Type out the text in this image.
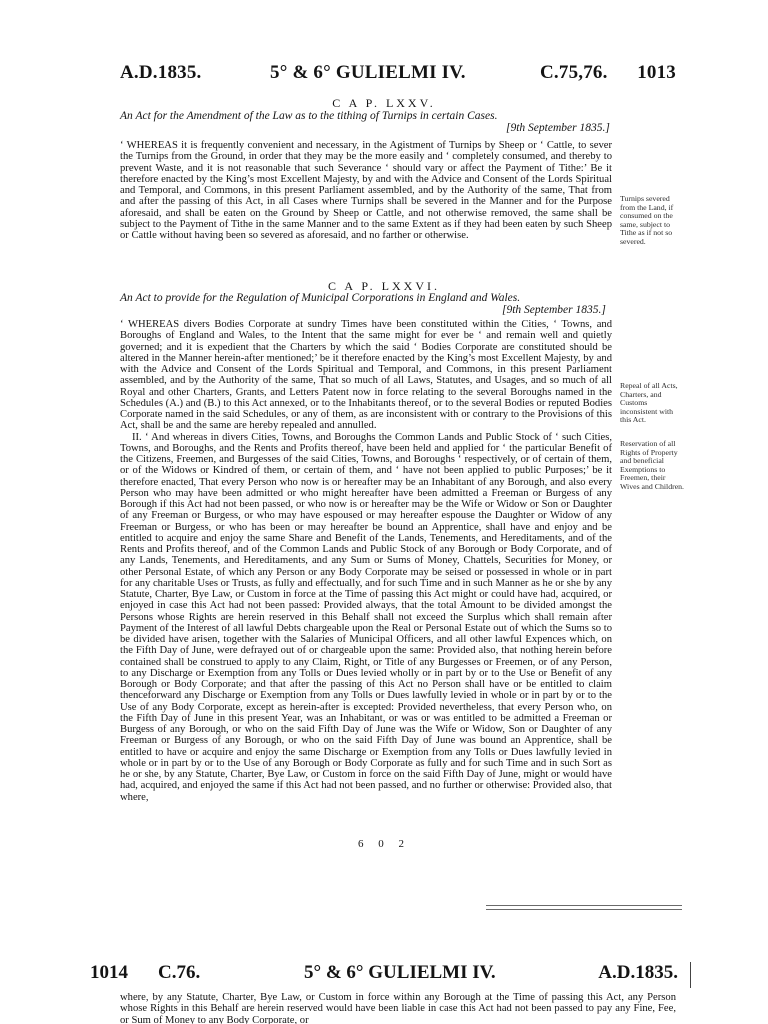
A.D.1835.	5° & 6° GULIELMI IV.	C.75,76. 1013
C A P. LXXV.
An Act for the Amendment of the Law as to the tithing of Turnips in certain Cases.
[9th September 1835.]

‘ WHEREAS it is frequently convenient and necessary, in the Agistment of Turnips by Sheep or ‘ Cattle, to sever the Turnips from the Ground, in order that they may be the more easily and ‘ completely consumed, and thereby to prevent Waste, and it is not reasonable that such Severance ‘ should vary or affect the Payment of Tithe:’ Be it therefore enacted by the King’s most Excellent Majesty, by and with the Advice and Consent of the Lords Spiritual and Temporal, and Commons, in this present Parliament assembled, and by the Authority of the same, That from and after the passing of this Act, in all Cases where Turnips shall be severed in the Manner and for the Purpose aforesaid, and shall be eaten on the Ground by Sheep or Cattle, and not otherwise removed, the same shall be subject to the Payment of Tithe in the same Manner and to the same Extent as if they had been eaten by such Sheep or Cattle without having been so severed as aforesaid, and no farther or otherwise.

Turnips severed from the Land, if consumed on the same, subject to Tithe as if not so severed.
C A P. LXXVI.
An Act to provide for the Regulation of Municipal Corporations in England and Wales.
[9th September 1835.]

‘ WHEREAS divers Bodies Corporate at sundry Times have been constituted within the Cities, ‘ Towns, and Boroughs of England and Wales, to the Intent that the same might for ever be ‘ and remain well and quietly governed; and it is expedient that the Charters by which the said ‘ Bodies Corporate are constituted should be altered in the Manner herein-after mentioned;’ be it therefore enacted by the King’s most Excellent Majesty, by and with the Advice and Consent of the Lords Spiritual and Temporal, and Commons, in this present Parliament assembled, and by the Authority of the same, That so much of all Laws, Statutes, and Usages, and so much of all Royal and other Charters, Grants, and Letters Patent now in force relating to the several Boroughs named in the Schedules (A.) and (B.) to this Act annexed, or to the Inhabitants thereof, or to the several Bodies or reputed Bodies Corporate named in the said Schedules, or any of them, as are inconsistent with or contrary to the Provisions of this Act, shall be and the same are hereby repealed and annulled.

II. ‘ And whereas in divers Cities, Towns, and Boroughs the Common Lands and Public Stock of ‘ such Cities, Towns, and Boroughs, and the Rents and Profits thereof, have been held and applied for ‘ the particular Benefit of the Citizens, Freemen, and Burgesses of the said Cities, Towns, and Boroughs ‘ respectively, or of certain of them, or of the Widows or Kindred of them, or certain of them, and ‘ have not been applied to public Purposes;’ be it therefore enacted, That every Person who now is or hereafter may be an Inhabitant of any Borough, and also every Person who may have been admitted or who might hereafter have been admitted a Freeman or Burgess of any Borough if this Act had not been passed, or who now is or hereafter may be the Wife or Widow or Son or Daughter of any Freeman or Burgess, or who may have espoused or may hereafter espouse the Daughter or Widow of any Freeman or Burgess, or who has been or may hereafter be bound an Apprentice, shall have and enjoy and be entitled to acquire and enjoy the same Share and Benefit of the Lands, Tenements, and Hereditaments, and of the Rents and Profits thereof, and of the Common Lands and Public Stock of any Borough or Body Corporate, and of any Lands, Tenements, and Hereditaments, and any Sum or Sums of Money, Chattels, Securities for Money, or other Personal Estate, of which any Person or any Body Corporate may be seised or possessed in whole or in part for any charitable Uses or Trusts, as fully and effectually, and for such Time and in such Manner as he or she by any Statute, Charter, Bye Law, or Custom in force at the Time of passing this Act might or could have had, acquired, or enjoyed in case this Act had not been passed: Provided always, that the total Amount to be divided amongst the Persons whose Rights are herein reserved in this Behalf shall not exceed the Surplus which shall remain after Payment of the Interest of all lawful Debts chargeable upon the Real or Personal Estate out of which the Sums so to be divided have arisen, together with the Salaries of Municipal Officers, and all other lawful Expences which, on the Fifth Day of June, were defrayed out of or chargeable upon the same: Provided also, that nothing herein before contained shall be construed to apply to any Claim, Right, or Title of any Burgesses or Freemen, or of any Person, to any Discharge or Exemption from any Tolls or Dues levied wholly or in part by or to the Use or Benefit of any Borough or Body Corporate; and that after the passing of this Act no Person shall have or be entitled to claim thenceforward any Discharge or Exemption from any Tolls or Dues lawfully levied in whole or in part by or to the Use of any Body Corporate, except as herein-after is excepted: Provided nevertheless, that every Person who, on the Fifth Day of June in this present Year, was an Inhabitant, or was or was entitled to be admitted a Freeman or Burgess of any Borough, or who on the said Fifth Day of June was the Wife or Widow, Son or Daughter of any Freeman or Burgess of any Borough, or who on the said Fifth Day of June was bound an Apprentice, shall be entitled to have or acquire and enjoy the same Discharge or Exemption from any Tolls or Dues lawfully levied in whole or in part by or to the Use of any Borough or Body Corporate as fully and for such Time and in such Sort as he or she, by any Statute, Charter, Bye Law, or Custom in force on the said Fifth Day of June, might or would have had, acquired, and enjoyed the same if this Act had not been passed, and no further or otherwise: Provided also, that where,

Repeal of all Acts, Charters, and Customs inconsistent with this Act.
Reservation of all Rights of Property and beneficial Exemptions to Freemen, their Wives and Children.
6 0 2
1014 C.76.	5° & 6° GULIELMI IV.	A.D.1835.

where, by any Statute, Charter, Bye Law, or Custom in force within any Borough at the Time of passing this Act, any Person whose Rights in this Behalf are herein reserved would have been liable in case this Act had not been passed to pay any Fine, Fee, or Sum of Money to any Body Corporate, or
